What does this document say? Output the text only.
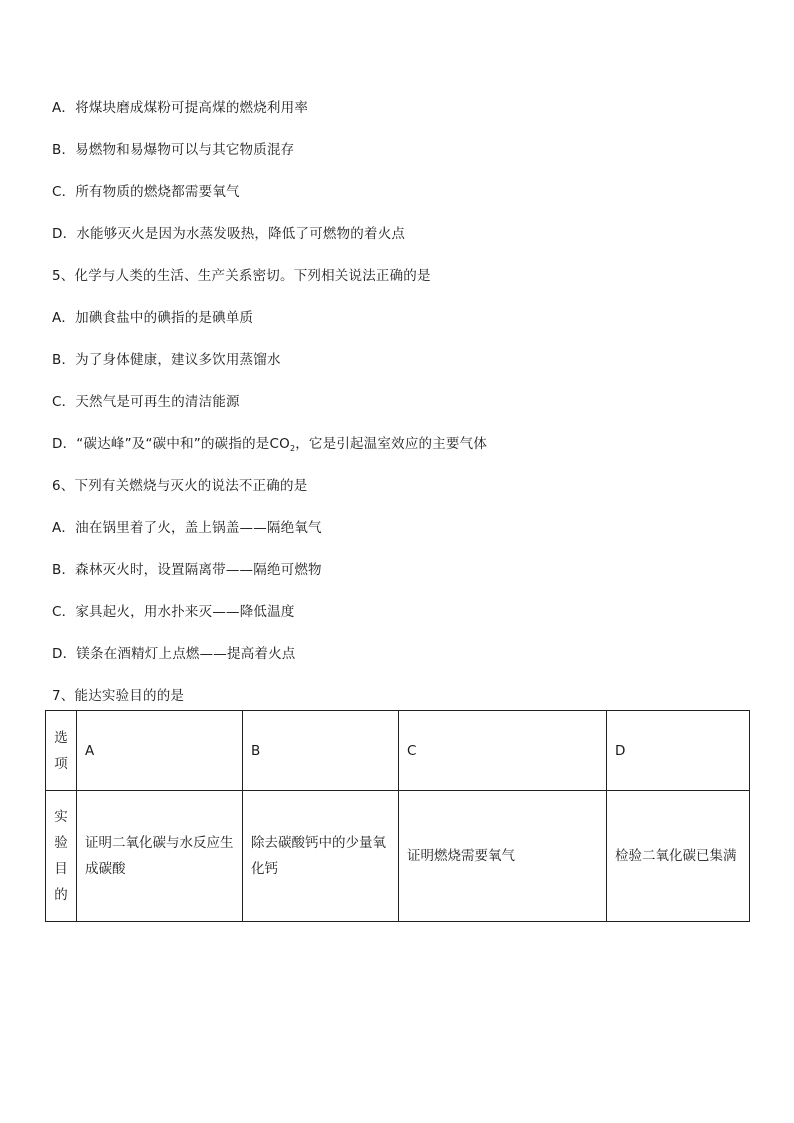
A．将煤块磨成煤粉可提高煤的燃烧利用率
B．易燃物和易爆物可以与其它物质混存
C．所有物质的燃烧都需要氧气
D．水能够灭火是因为水蒸发吸热，降低了可燃物的着火点
5、化学与人类的生活、生产关系密切。下列相关说法正确的是
A．加碘食盐中的碘指的是碘单质
B．为了身体健康，建议多饮用蒸馏水
C．天然气是可再生的清洁能源
D．“碳达峰”及“碳中和”的碳指的是$CO_2$，它是引起温室效应的主要气体
6、下列有关燃烧与灭火的说法不正确的是
A．油在锅里着了火，盖上锅盖——隔绝氧气
B．森林灭火时，设置隔离带——隔绝可燃物
C．家具起火，用水扑来灭——降低温度
D．镁条在酒精灯上点燃——提高着火点
7、能达实验目的的是
选项	A	B	C	D
实验目的	证明二氧化碳与水反应生成碳酸	除去碳酸钙中的少量氧化钙	证明燃烧需要氧气	检验二氧化碳已集满
